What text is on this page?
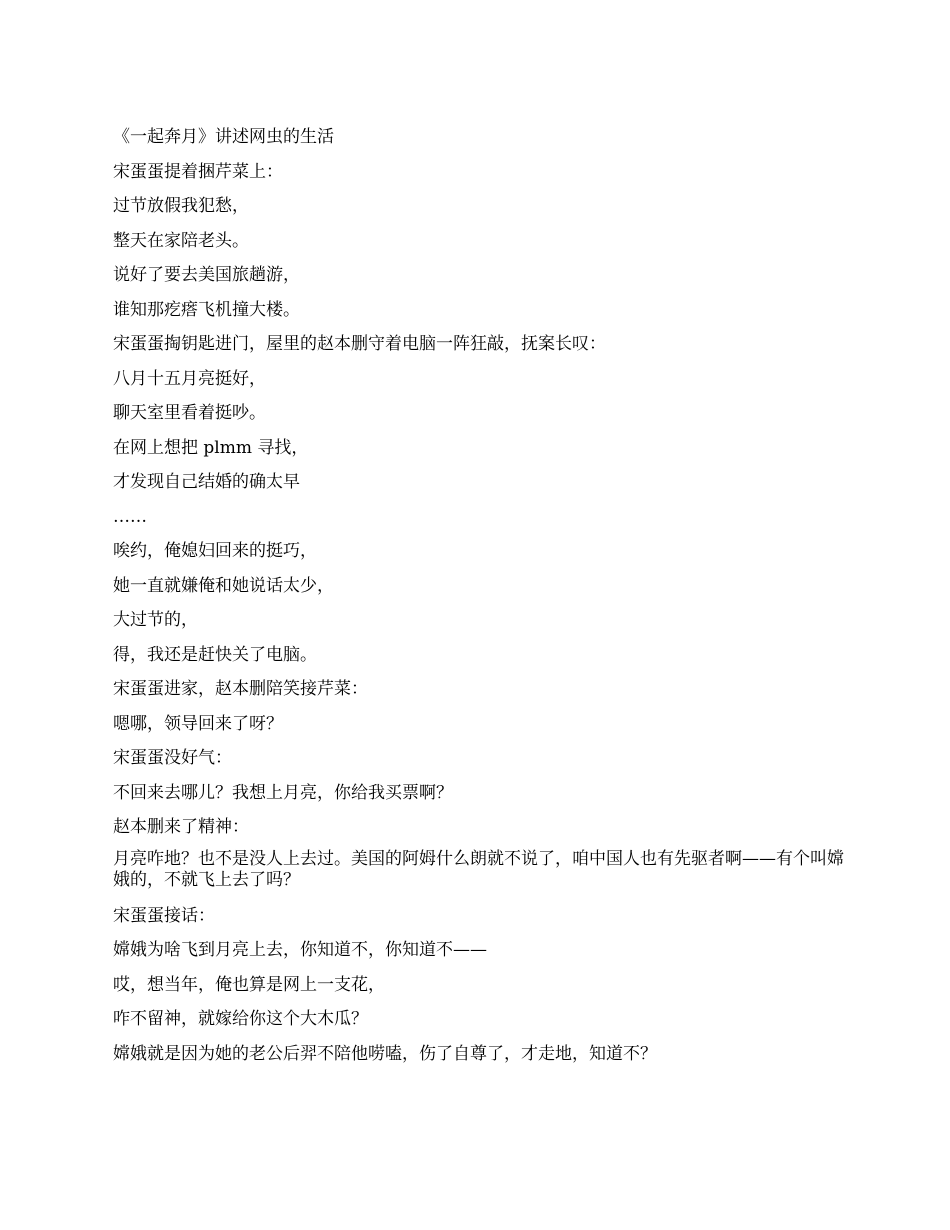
《一起奔月》讲述网虫的生活

宋蛋蛋提着捆芹菜上：

过节放假我犯愁，

整天在家陪老头。

说好了要去美国旅趟游，

谁知那疙瘩飞机撞大楼。

宋蛋蛋掏钥匙进门，屋里的赵本删守着电脑一阵狂敲，抚案长叹：

八月十五月亮挺好，

聊天室里看着挺吵。

在网上想把 plmm 寻找，

才发现自己结婚的确太早

……

唉约，俺媳妇回来的挺巧，

她一直就嫌俺和她说话太少，

大过节的，

得，我还是赶快关了电脑。

宋蛋蛋进家，赵本删陪笑接芹菜：

嗯哪，领导回来了呀？

宋蛋蛋没好气：

不回来去哪儿？我想上月亮，你给我买票啊？

赵本删来了精神：

月亮咋地？也不是没人上去过。美国的阿姆什么朗就不说了，咱中国人也有先驱者啊——有个叫嫦娥的，不就飞上去了吗？

宋蛋蛋接话：

嫦娥为啥飞到月亮上去，你知道不，你知道不——

哎，想当年，俺也算是网上一支花，

咋不留神，就嫁给你这个大木瓜？

嫦娥就是因为她的老公后羿不陪他唠嗑，伤了自尊了，才走地，知道不？
